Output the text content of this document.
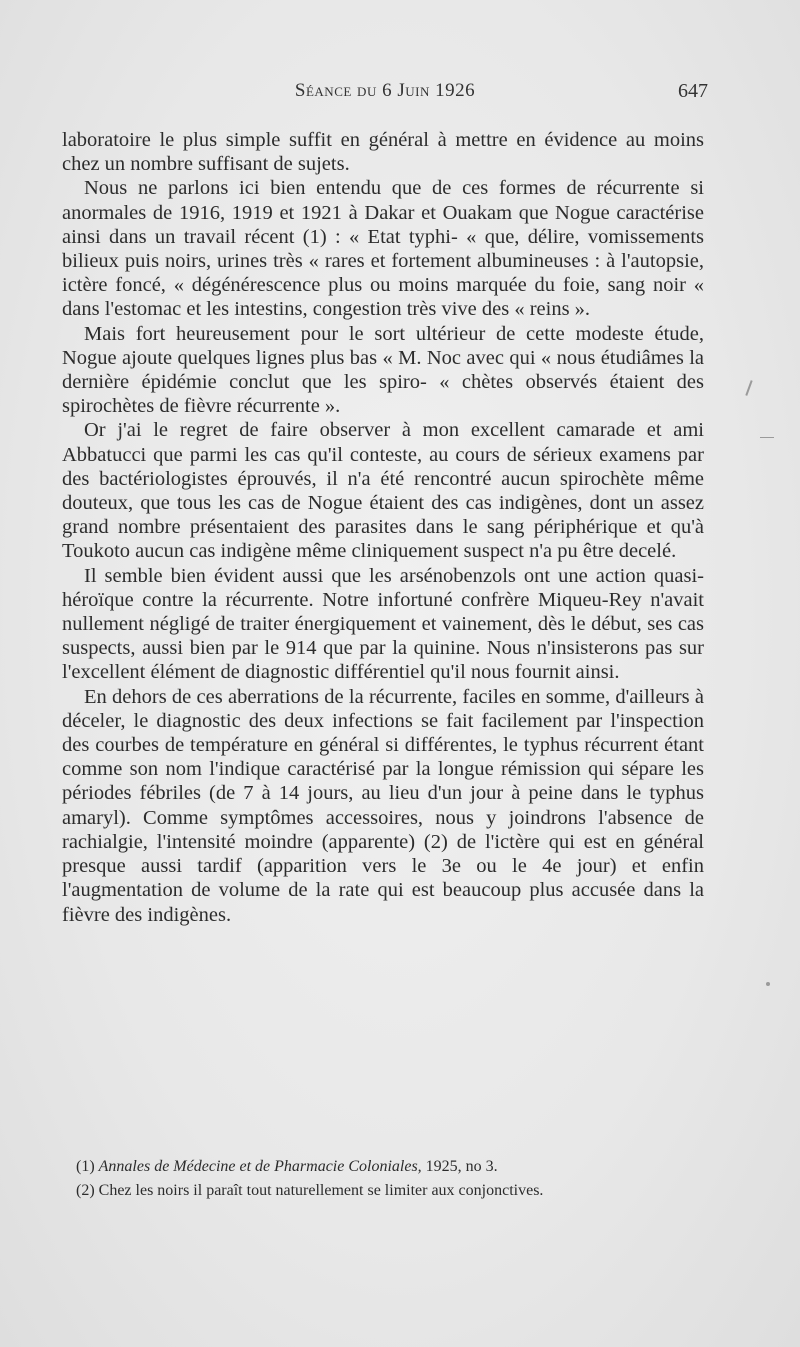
Séance du 6 Juin 1926	647

laboratoire le plus simple suffit en général à mettre en évidence au moins chez un nombre suffisant de sujets.

Nous ne parlons ici bien entendu que de ces formes de récurrente si anormales de 1916, 1919 et 1921 à Dakar et Ouakam que Nogue caractérise ainsi dans un travail récent (1) : « Etat typhi- « que, délire, vomissements bilieux puis noirs, urines très « rares et fortement albumineuses : à l'autopsie, ictère foncé, « dégénérescence plus ou moins marquée du foie, sang noir « dans l'estomac et les intestins, congestion très vive des « reins ».

Mais fort heureusement pour le sort ultérieur de cette modeste étude, Nogue ajoute quelques lignes plus bas « M. Noc avec qui « nous étudiâmes la dernière épidémie conclut que les spiro- « chètes observés étaient des spirochètes de fièvre récurrente ».

Or j'ai le regret de faire observer à mon excellent camarade et ami Abbatucci que parmi les cas qu'il conteste, au cours de sérieux examens par des bactériologistes éprouvés, il n'a été rencontré aucun spirochète même douteux, que tous les cas de Nogue étaient des cas indigènes, dont un assez grand nombre présentaient des parasites dans le sang périphérique et qu'à Toukoto aucun cas indigène même cliniquement suspect n'a pu être decelé.

Il semble bien évident aussi que les arsénobenzols ont une action quasi-héroïque contre la récurrente. Notre infortuné confrère Miqueu-Rey n'avait nullement négligé de traiter énergiquement et vainement, dès le début, ses cas suspects, aussi bien par le 914 que par la quinine. Nous n'insisterons pas sur l'excellent élément de diagnostic différentiel qu'il nous fournit ainsi.

En dehors de ces aberrations de la récurrente, faciles en somme, d'ailleurs à déceler, le diagnostic des deux infections se fait facilement par l'inspection des courbes de température en général si différentes, le typhus récurrent étant comme son nom l'indique caractérisé par la longue rémission qui sépare les périodes fébriles (de 7 à 14 jours, au lieu d'un jour à peine dans le typhus amaryl). Comme symptômes accessoires, nous y joindrons l'absence de rachialgie, l'intensité moindre (apparente) (2) de l'ictère qui est en général presque aussi tardif (apparition vers le 3e ou le 4e jour) et enfin l'augmentation de volume de la rate qui est beaucoup plus accusée dans la fièvre des indigènes.

(1) Annales de Médecine et de Pharmacie Coloniales, 1925, no 3.

(2) Chez les noirs il paraît tout naturellement se limiter aux conjonctives.
